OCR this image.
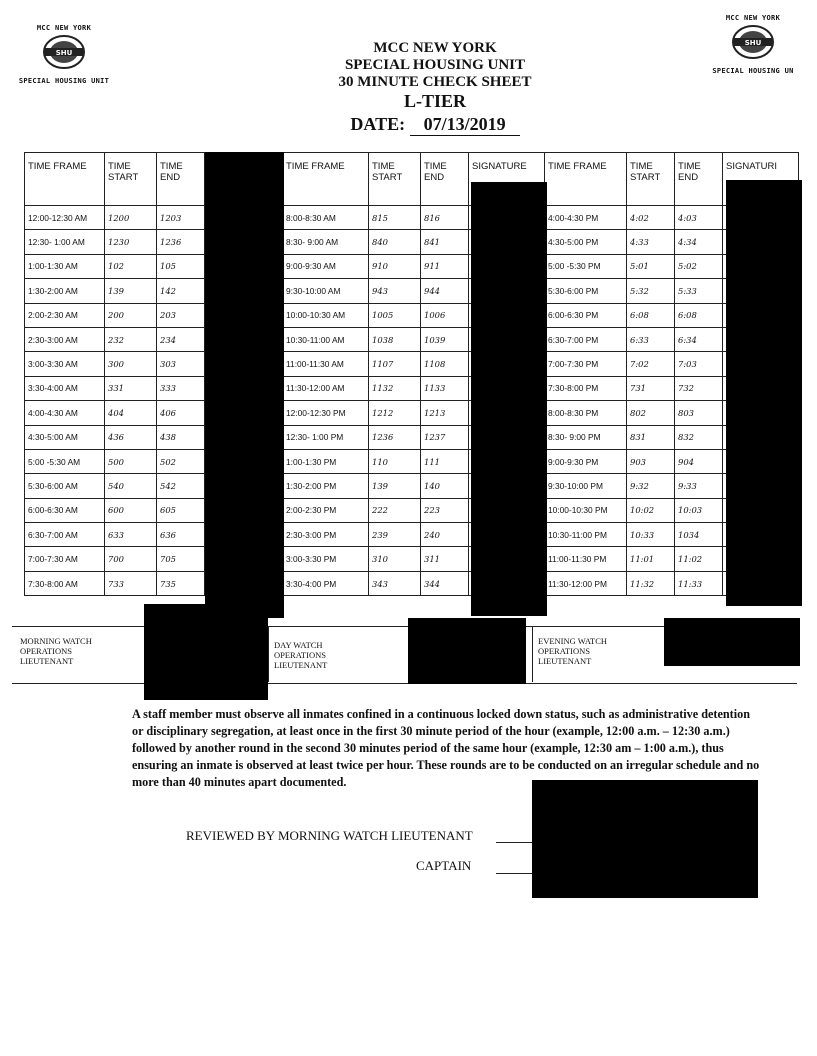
MCC NEW YORK
SHU
SPECIAL HOUSING UNIT
MCC NEW YORK
SHU
SPECIAL HOUSING UN
MCC NEW YORK
SPECIAL HOUSING UNIT
30 MINUTE CHECK SHEET
L-TIER
DATE: 07/13/2019
TIME FRAME	TIME START	TIME END		TIME FRAME	TIME START	TIME END	SIGNATURE	TIME FRAME	TIME START	TIME END	SIGNATURI
12:00-12:30 AM	1200	1203		8:00-8:30 AM	815	816		4:00-4:30 PM	4:02	4:03	
12:30- 1:00 AM	1230	1236		8:30- 9:00 AM	840	841		4:30-5:00 PM	4:33	4:34	
1:00-1:30 AM	102	105		9:00-9:30 AM	910	911		5:00 -5:30 PM	5:01	5:02	
1:30-2:00 AM	139	142		9:30-10:00 AM	943	944		5:30-6:00 PM	5:32	5:33	
2:00-2:30 AM	200	203		10:00-10:30 AM	1005	1006		6:00-6:30 PM	6:08	6:08	
2:30-3:00 AM	232	234		10:30-11:00 AM	1038	1039		6:30-7:00 PM	6:33	6:34	
3:00-3:30 AM	300	303		11:00-11:30 AM	1107	1108		7:00-7:30 PM	7:02	7:03	
3:30-4:00 AM	331	333		11:30-12:00 AM	1132	1133		7:30-8:00 PM	731	732	
4:00-4:30 AM	404	406		12:00-12:30 PM	1212	1213		8:00-8:30 PM	802	803	
4:30-5:00 AM	436	438		12:30- 1:00 PM	1236	1237		8:30- 9:00 PM	831	832	
5:00 -5:30 AM	500	502		1:00-1:30 PM	110	111		9:00-9:30 PM	903	904	
5:30-6:00 AM	540	542		1:30-2:00 PM	139	140		9:30-10:00 PM	9:32	9:33	
6:00-6:30 AM	600	605		2:00-2:30 PM	222	223		10:00-10:30 PM	10:02	10:03	
6:30-7:00 AM	633	636		2:30-3:00 PM	239	240		10:30-11:00 PM	10:33	1034	
7:00-7:30 AM	700	705		3:00-3:30 PM	310	311		11:00-11:30 PM	11:01	11:02	
7:30-8:00 AM	733	735		3:30-4:00 PM	343	344		11:30-12:00 PM	11:32	11:33	
MORNING WATCH
OPERATIONS
LIEUTENANT
DAY WATCH
OPERATIONS
LIEUTENANT
EVENING WATCH
OPERATIONS
LIEUTENANT
A staff member must observe all inmates confined in a continuous locked down status, such as administrative detention or disciplinary segregation, at least once in the first 30 minute period of the hour (example, 12:00 a.m. – 12:30 a.m.) followed by another round in the second 30 minutes period of the same hour (example, 12:30 am – 1:00 a.m.), thus ensuring an inmate is observed at least twice per hour. These rounds are to be conducted on an irregular schedule and no more than 40 minutes apart documented.
REVIEWED BY MORNING WATCH LIEUTENANT
CAPTAIN
